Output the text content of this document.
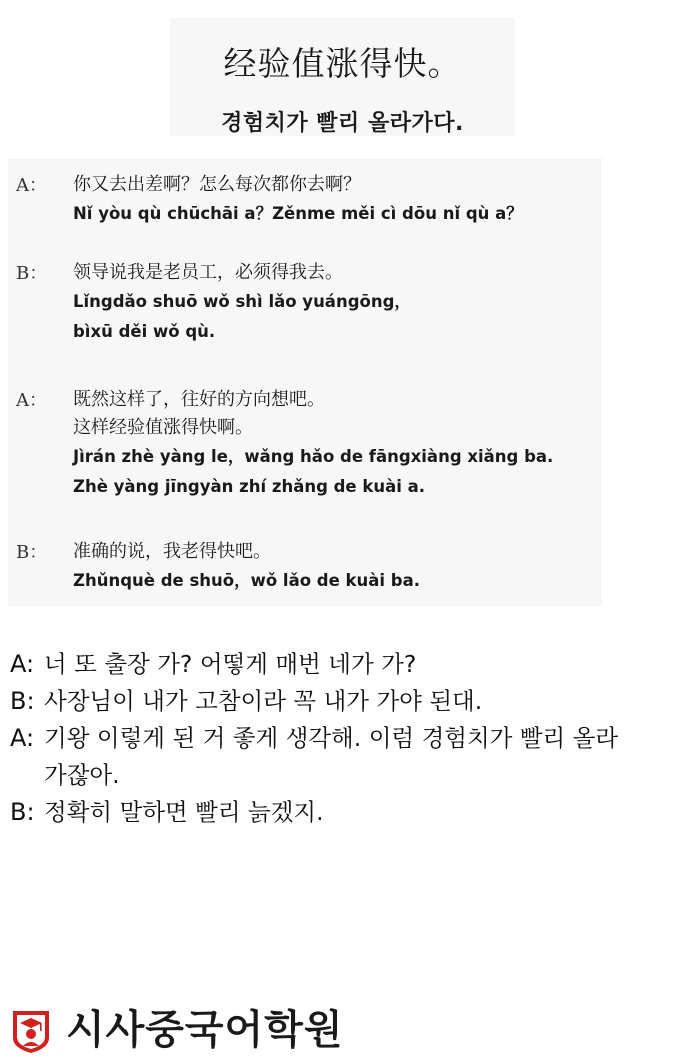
经验值涨得快。
경험치가 빨리 올라가다.
A： 你又去出差啊？怎么每次都你去啊？
Nǐ yòu qù chūchāi a？Zěnme měi cì dōu nǐ qù a？
B： 领导说我是老员工，必须得我去。
Lǐngdǎo shuō wǒ shì lǎo yuángōng，
bìxū děi wǒ qù.
A： 既然这样了，往好的方向想吧。
这样经验值涨得快啊。
Jìrán zhè yàng le，wǎng hǎo de fāngxiàng xiǎng ba.
Zhè yàng jīngyàn zhí zhǎng de kuài a.
B： 准确的说，我老得快吧。
Zhǔnquè de shuō，wǒ lǎo de kuài ba.
A: 너 또 출장 가? 어떻게 매번 네가 가?
B: 사장님이 내가 고참이라 꼭 내가 가야 된대.
A: 기왕 이렇게 된 거 좋게 생각해. 이럼 경험치가 빨리 올라
가잖아.
B: 정확히 말하면 빨리 늙겠지.
시사중국어학원
